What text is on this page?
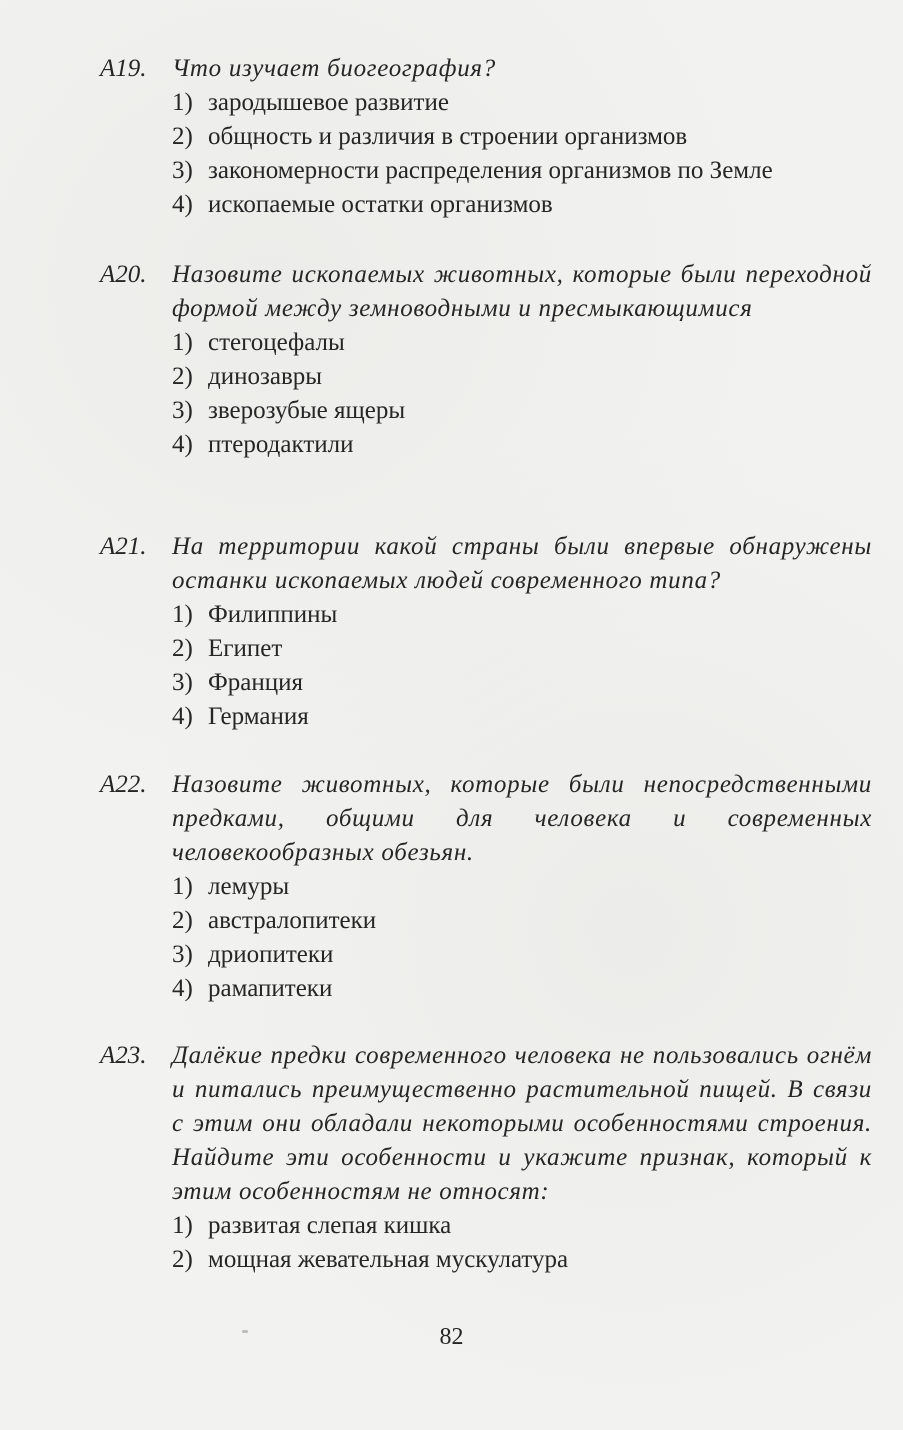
А19.	Что изучает биогеография?
1) зародышевое развитие
2) общность и различия в строении организмов
3) закономерности распределения организмов по Земле
4) ископаемые остатки организмов
А20.	Назовите ископаемых животных, которые были переходной формой между земноводными и пресмыкающимися
1) стегоцефалы
2) динозавры
3) зверозубые ящеры
4) птеродактили
А21.	На территории какой страны были впервые обнаружены останки ископаемых людей современного типа?
1) Филиппины
2) Египет
3) Франция
4) Германия
А22.	Назовите животных, которые были непосредственными предками, общими для человека и современных человекообразных обезьян.
1) лемуры
2) австралопитеки
3) дриопитеки
4) рамапитеки
А23.	Далёкие предки современного человека не пользовались огнём и питались преимущественно растительной пищей. В связи с этим они обладали некоторыми особенностями строения. Найдите эти особенности и укажите признак, который к этим особенностям не относят:
1) развитая слепая кишка
2) мощная жевательная мускулатура
82
